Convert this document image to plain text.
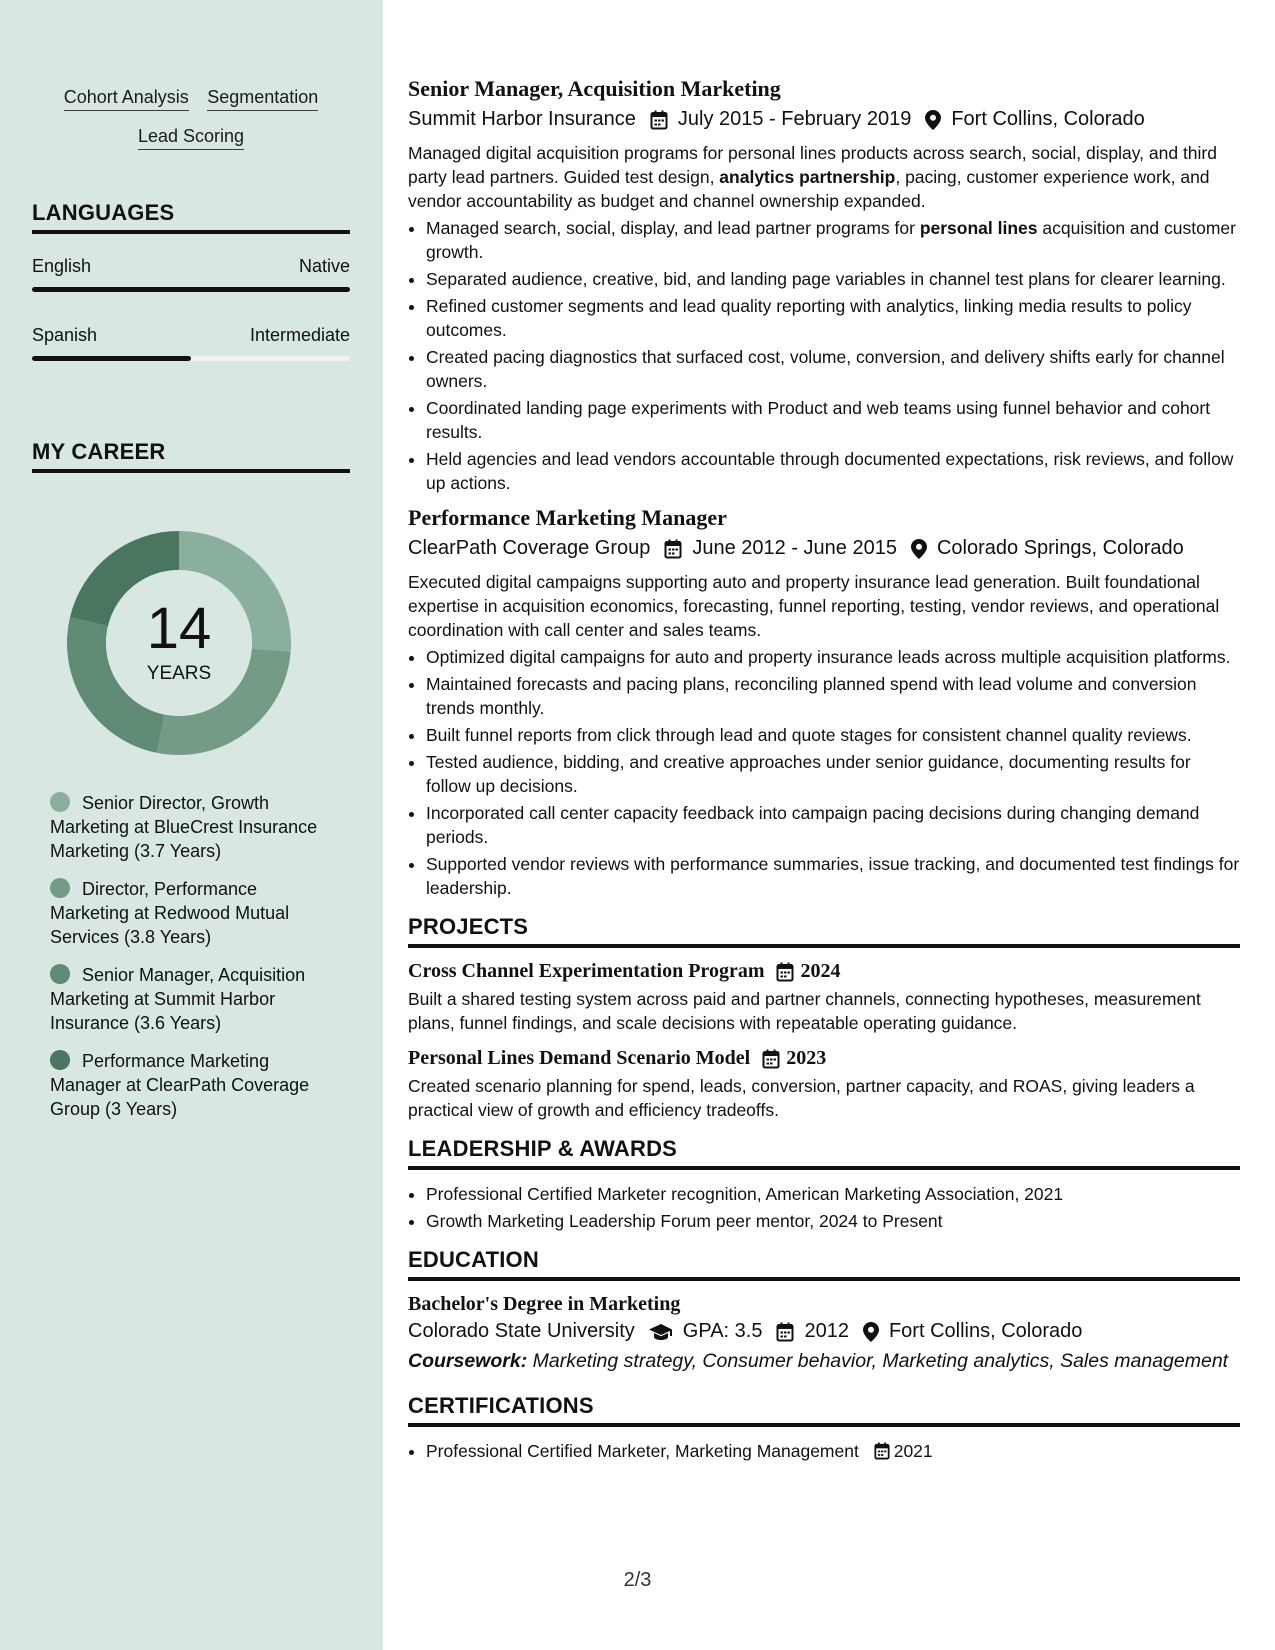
Cohort Analysis Segmentation
Lead Scoring
LANGUAGES
English	Native
Spanish	Intermediate
MY CAREER
14
YEARS
Senior Director, Growth Marketing at BlueCrest Insurance Marketing (3.7 Years)
Director, Performance Marketing at Redwood Mutual Services (3.8 Years)
Senior Manager, Acquisition Marketing at Summit Harbor Insurance (3.6 Years)
Performance Marketing Manager at ClearPath Coverage Group (3 Years)
Senior Manager, Acquisition Marketing
Summit Harbor Insurance July 2015 - February 2019 Fort Collins, Colorado

Managed digital acquisition programs for personal lines products across search, social, display, and third party lead partners. Guided test design, analytics partnership, pacing, customer experience work, and vendor accountability as budget and channel ownership expanded.

• Managed search, social, display, and lead partner programs for personal lines acquisition and customer growth.
• Separated audience, creative, bid, and landing page variables in channel test plans for clearer learning.
• Refined customer segments and lead quality reporting with analytics, linking media results to policy outcomes.
• Created pacing diagnostics that surfaced cost, volume, conversion, and delivery shifts early for channel owners.
• Coordinated landing page experiments with Product and web teams using funnel behavior and cohort results.
• Held agencies and lead vendors accountable through documented expectations, risk reviews, and follow up actions.
Performance Marketing Manager
ClearPath Coverage Group June 2012 - June 2015 Colorado Springs, Colorado

Executed digital campaigns supporting auto and property insurance lead generation. Built foundational expertise in acquisition economics, forecasting, funnel reporting, testing, vendor reviews, and operational coordination with call center and sales teams.

• Optimized digital campaigns for auto and property insurance leads across multiple acquisition platforms.
• Maintained forecasts and pacing plans, reconciling planned spend with lead volume and conversion trends monthly.
• Built funnel reports from click through lead and quote stages for consistent channel quality reviews.
• Tested audience, bidding, and creative approaches under senior guidance, documenting results for follow up decisions.
• Incorporated call center capacity feedback into campaign pacing decisions during changing demand periods.
• Supported vendor reviews with performance summaries, issue tracking, and documented test findings for leadership.
PROJECTS
Cross Channel Experimentation Program 2024

Built a shared testing system across paid and partner channels, connecting hypotheses, measurement plans, funnel findings, and scale decisions with repeatable operating guidance.

Personal Lines Demand Scenario Model 2023

Created scenario planning for spend, leads, conversion, partner capacity, and ROAS, giving leaders a practical view of growth and efficiency tradeoffs.

LEADERSHIP & AWARDS
• Professional Certified Marketer recognition, American Marketing Association, 2021
• Growth Marketing Leadership Forum peer mentor, 2024 to Present
EDUCATION
Bachelor's Degree in Marketing
Colorado State University GPA: 3.5 2012 Fort Collins, Colorado
Coursework: Marketing strategy, Consumer behavior, Marketing analytics, Sales management
CERTIFICATIONS
• Professional Certified Marketer, Marketing Management 2021
2/3
